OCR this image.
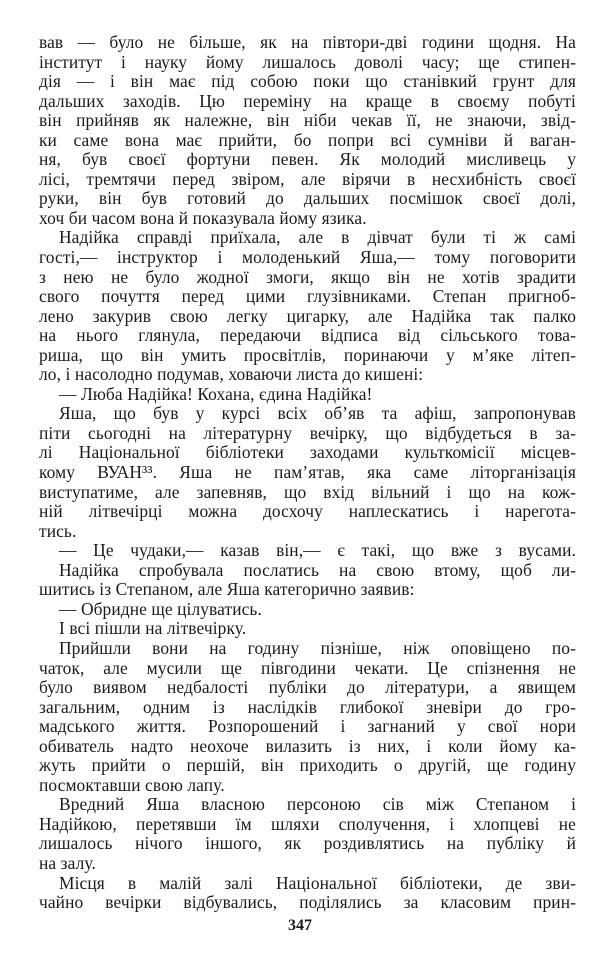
вав — було не більше, як на півтори-дві години щодня. На
інститут і науку йому лишалось доволі часу; ще стипен-
дія — і він має під собою поки що станівкий грунт для
дальших заходів. Цю переміну на краще в своєму побуті
він прийняв як належне, він ніби чекав її, не знаючи, звід-
ки саме вона має прийти, бо попри всі сумніви й ваган-
ня, був своєї фортуни певен. Як молодий мисливець у
лісі, тремтячи перед звіром, але вірячи в несхибність своєї
руки, він був готовий до дальших посмішок своєї долі,
хоч би часом вона й показувала йому язика.
Надійка справді приїхала, але в дівчат були ті ж самі
гості,— інструктор і молоденький Яша,— тому поговорити
з нею не було жодної змоги, якщо він не хотів зрадити
свого почуття перед цими глузівниками. Степан пригноб-
лено закурив свою легку цигарку, але Надійка так палко
на нього глянула, передаючи відписа від сільського това-
риша, що він умить просвітлів, поринаючи у м’яке літеп-
ло, і насолодно подумав, ховаючи листа до кишені:
— Люба Надійка! Кохана, єдина Надійка!
Яша, що був у курсі всіх об’яв та афіш, запропонував
піти сьогодні на літературну вечірку, що відбудеться в за-
лі Національної бібліотеки заходами культкомісії місцев-
кому ВУАН³³. Яша не пам’ятав, яка саме літорганізація
виступатиме, але запевняв, що вхід вільний і що на кож-
ній літвечірці можна досхочу наплескатись і нарегота-
тись.
— Це чудаки,— казав він,— є такі, що вже з вусами.
Надійка спробувала послатись на свою втому, щоб ли-
шитись із Степаном, але Яша категорично заявив:
— Обридне ще цілуватись.
І всі пішли на літвечірку.
Прийшли вони на годину пізніше, ніж оповіщено по-
чаток, але мусили ще півгодини чекати. Це спізнення не
було виявом недбалості публіки до літератури, а явищем
загальним, одним із наслідків глибокої зневіри до гро-
мадського життя. Розпорошений і загнаний у свої нори
обиватель надто неохоче вилазить із них, і коли йому ка-
жуть прийти о першій, він приходить о другій, ще годину
посмоктавши свою лапу.
Вредний Яша власною персоною сів між Степаном і
Надійкою, перетявши їм шляхи сполучення, і хлопцеві не
лишалось нічого іншого, як роздивлятись на публіку й
на залу.
Місця в малій залі Національної бібліотеки, де зви-
чайно вечірки відбувались, поділялись за класовим прин-
347
